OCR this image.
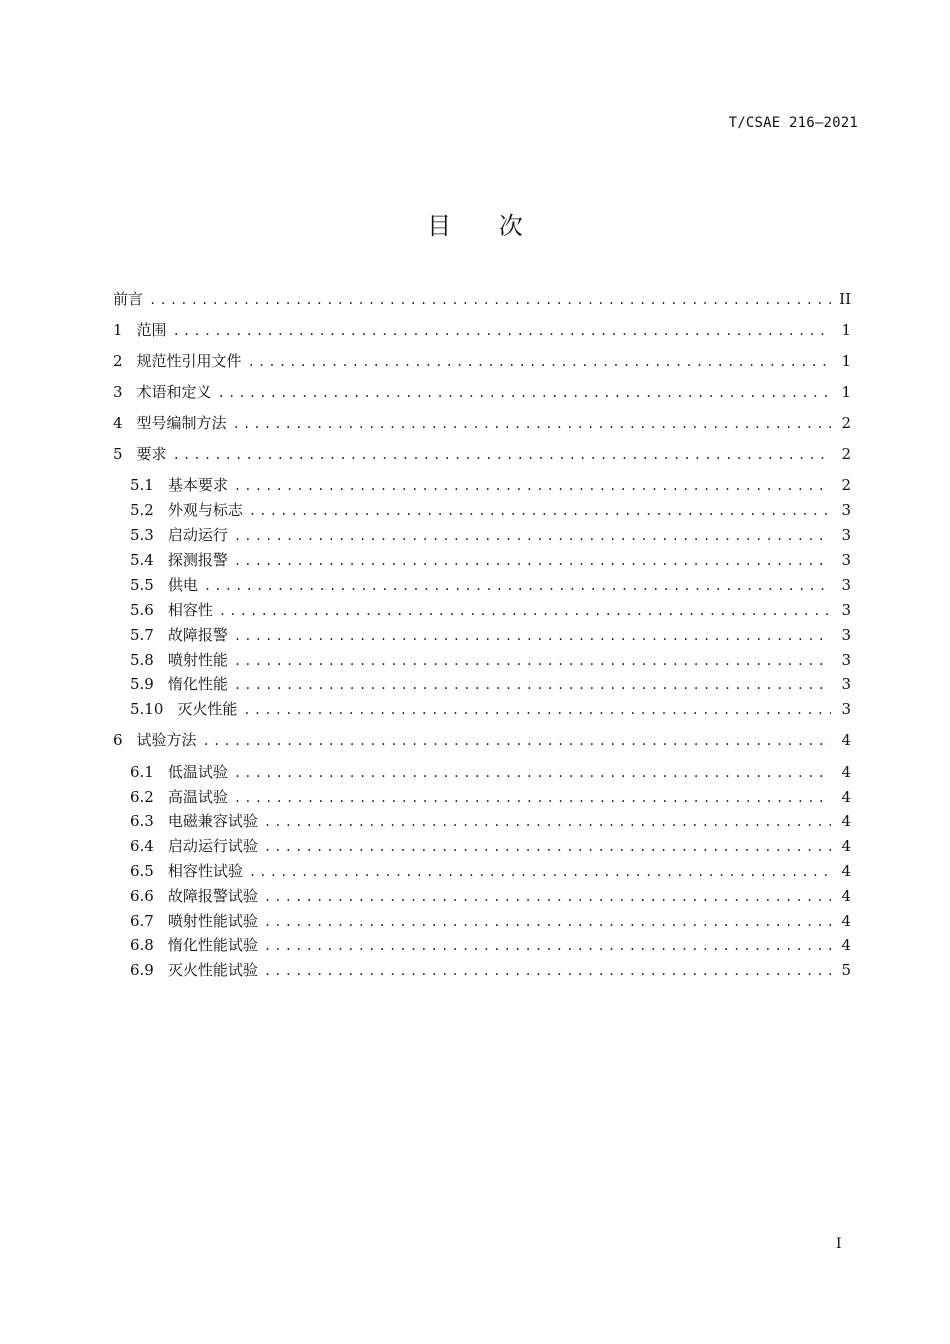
T/CSAE 216—2021
目 次
前言 .....	II
1 范围 .....	1
2 规范性引用文件 .....	1
3 术语和定义 .....	1
4 型号编制方法 .....	2
5 要求 .....	2
5.1 基本要求 .....	2
5.2 外观与标志 .....	3
5.3 启动运行 .....	3
5.4 探测报警 .....	3
5.5 供电 .....	3
5.6 相容性 .....	3
5.7 故障报警 .....	3
5.8 喷射性能 .....	3
5.9 惰化性能 .....	3
5.10 灭火性能 .....	3
6 试验方法 .....	4
6.1 低温试验 .....	4
6.2 高温试验 .....	4
6.3 电磁兼容试验 .....	4
6.4 启动运行试验 .....	4
6.5 相容性试验 .....	4
6.6 故障报警试验 .....	4
6.7 喷射性能试验 .....	4
6.8 惰化性能试验 .....	4
6.9 灭火性能试验 .....	5
I
